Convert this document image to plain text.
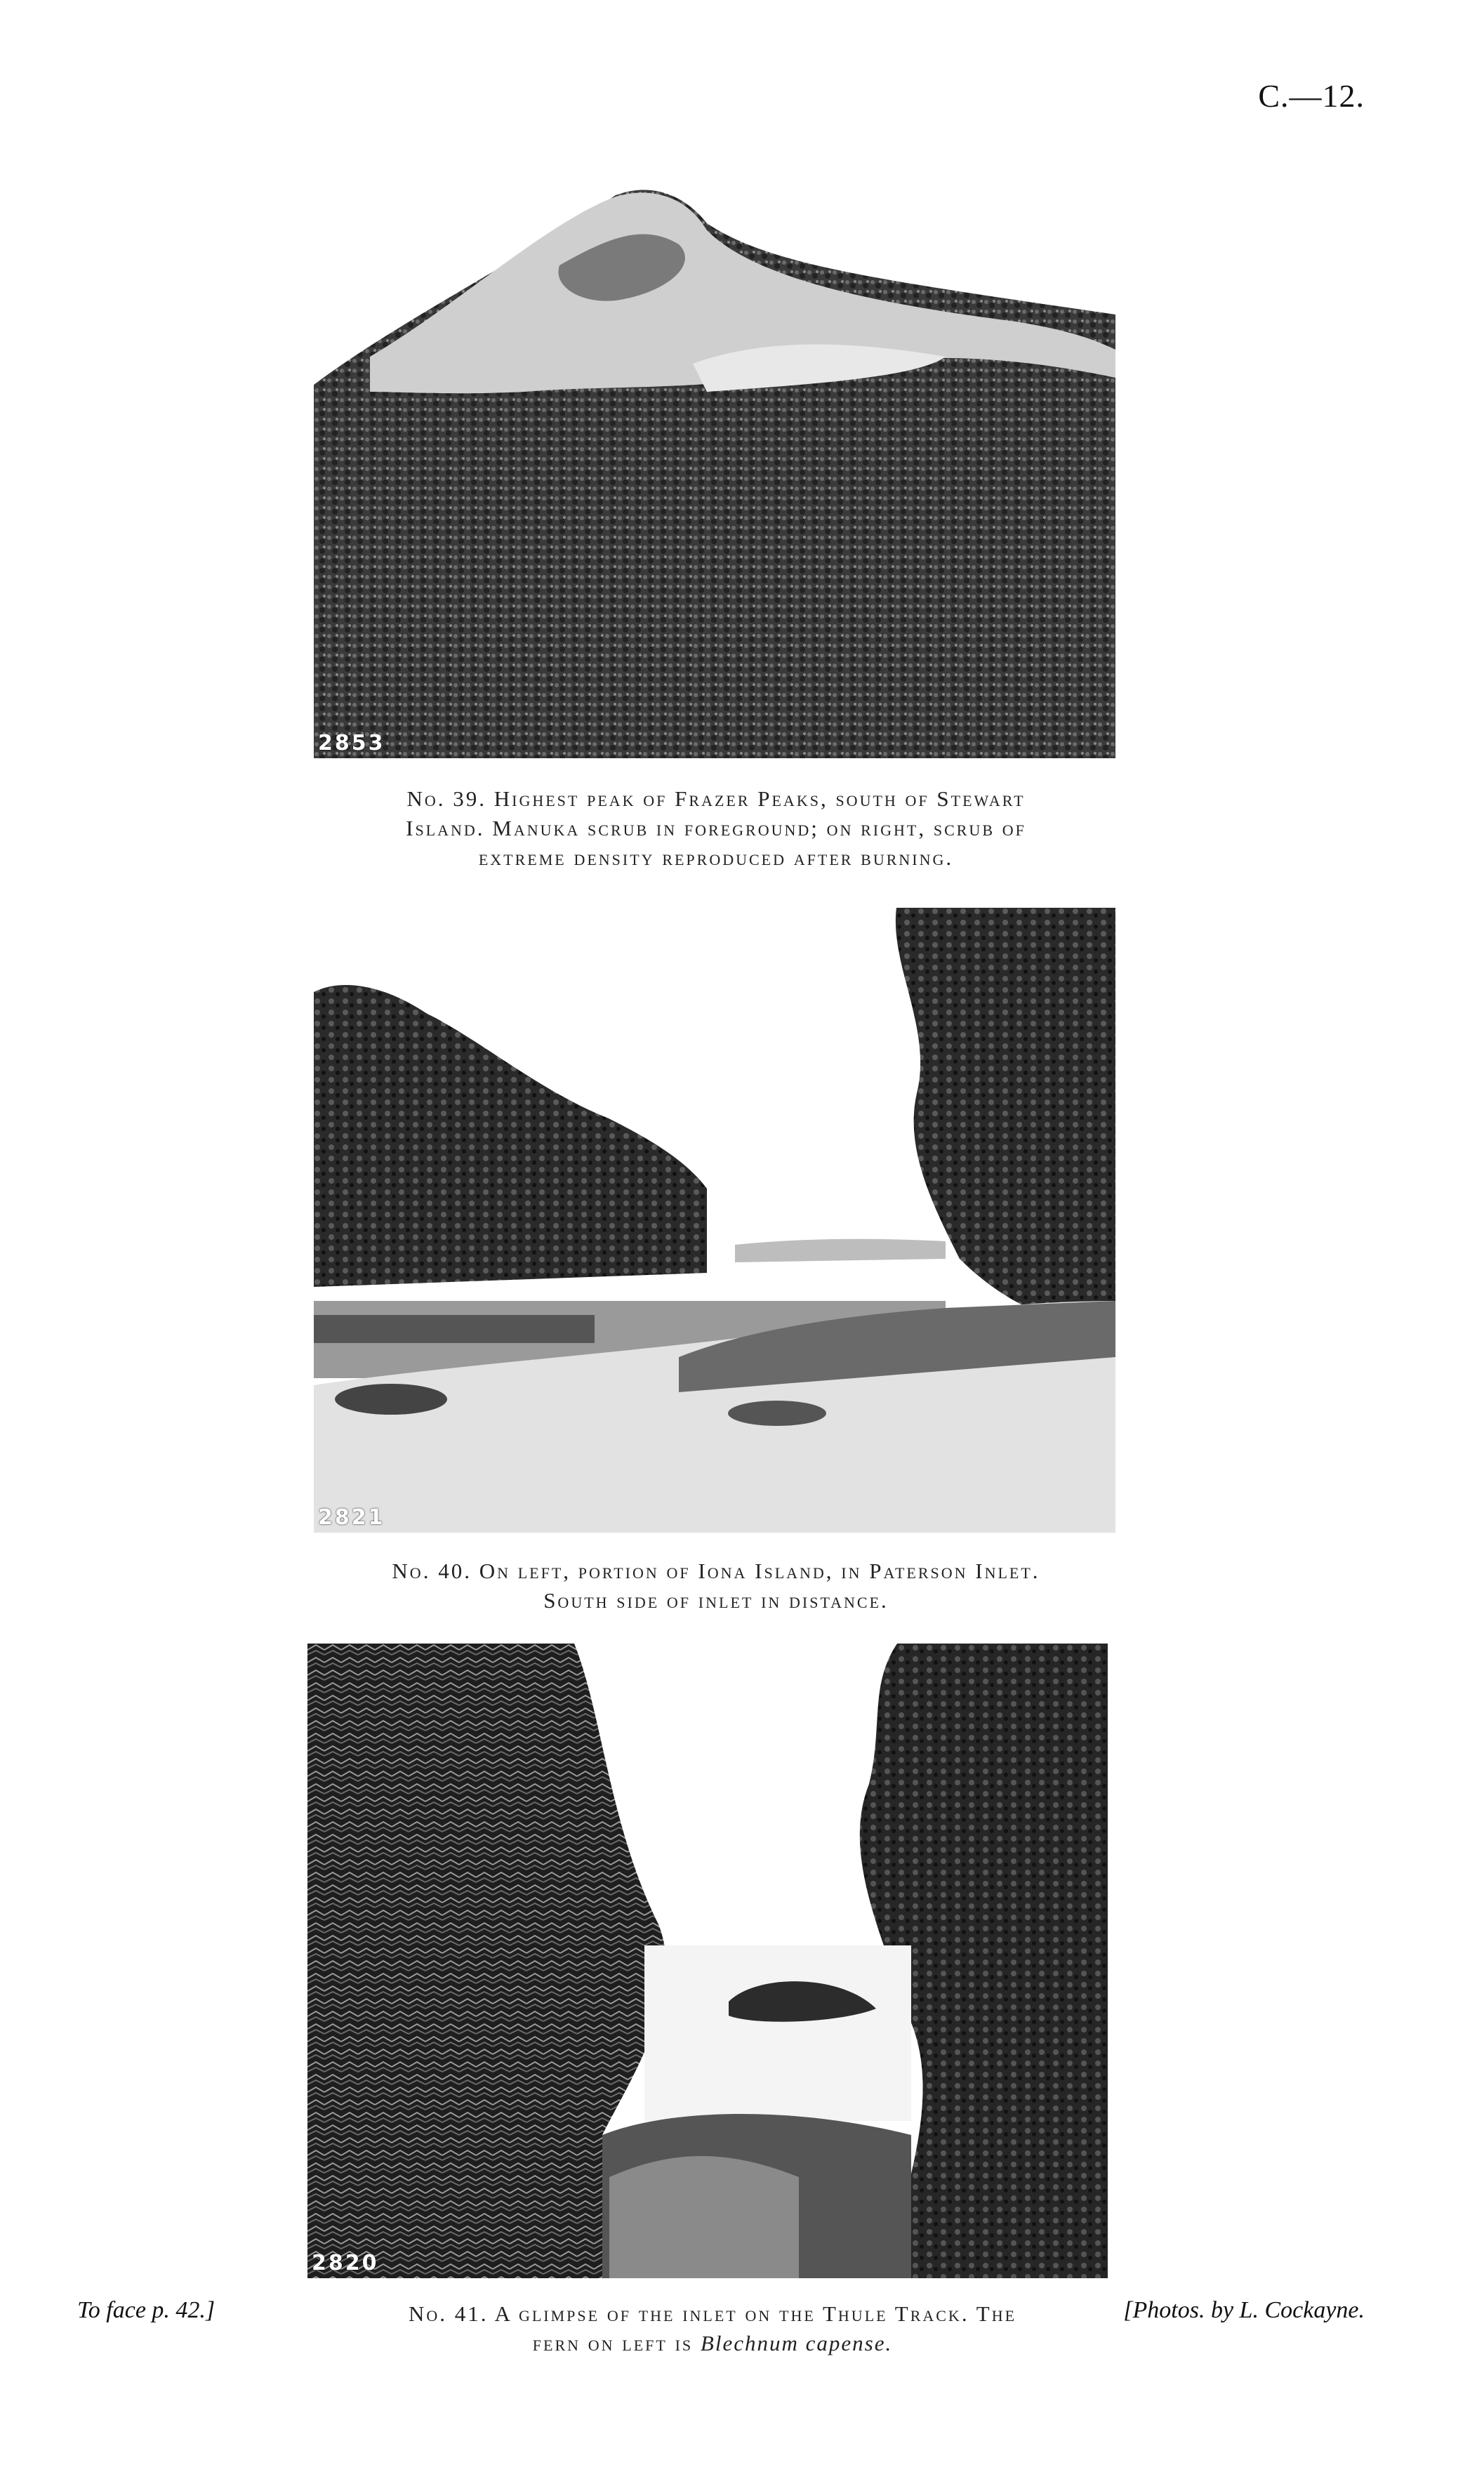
C.—12.
2853
No. 39. Highest peak of Frazer Peaks, south of Stewart
Island. Manuka scrub in foreground; on right, scrub of
extreme density reproduced after burning.
2821
No. 40. On left, portion of Iona Island, in Paterson Inlet.
South side of inlet in distance.
2820
No. 41. A glimpse of the inlet on the Thule Track. The
fern on left is Blechnum capense.
To face p. 42.]	[Photos. by L. Cockayne.
